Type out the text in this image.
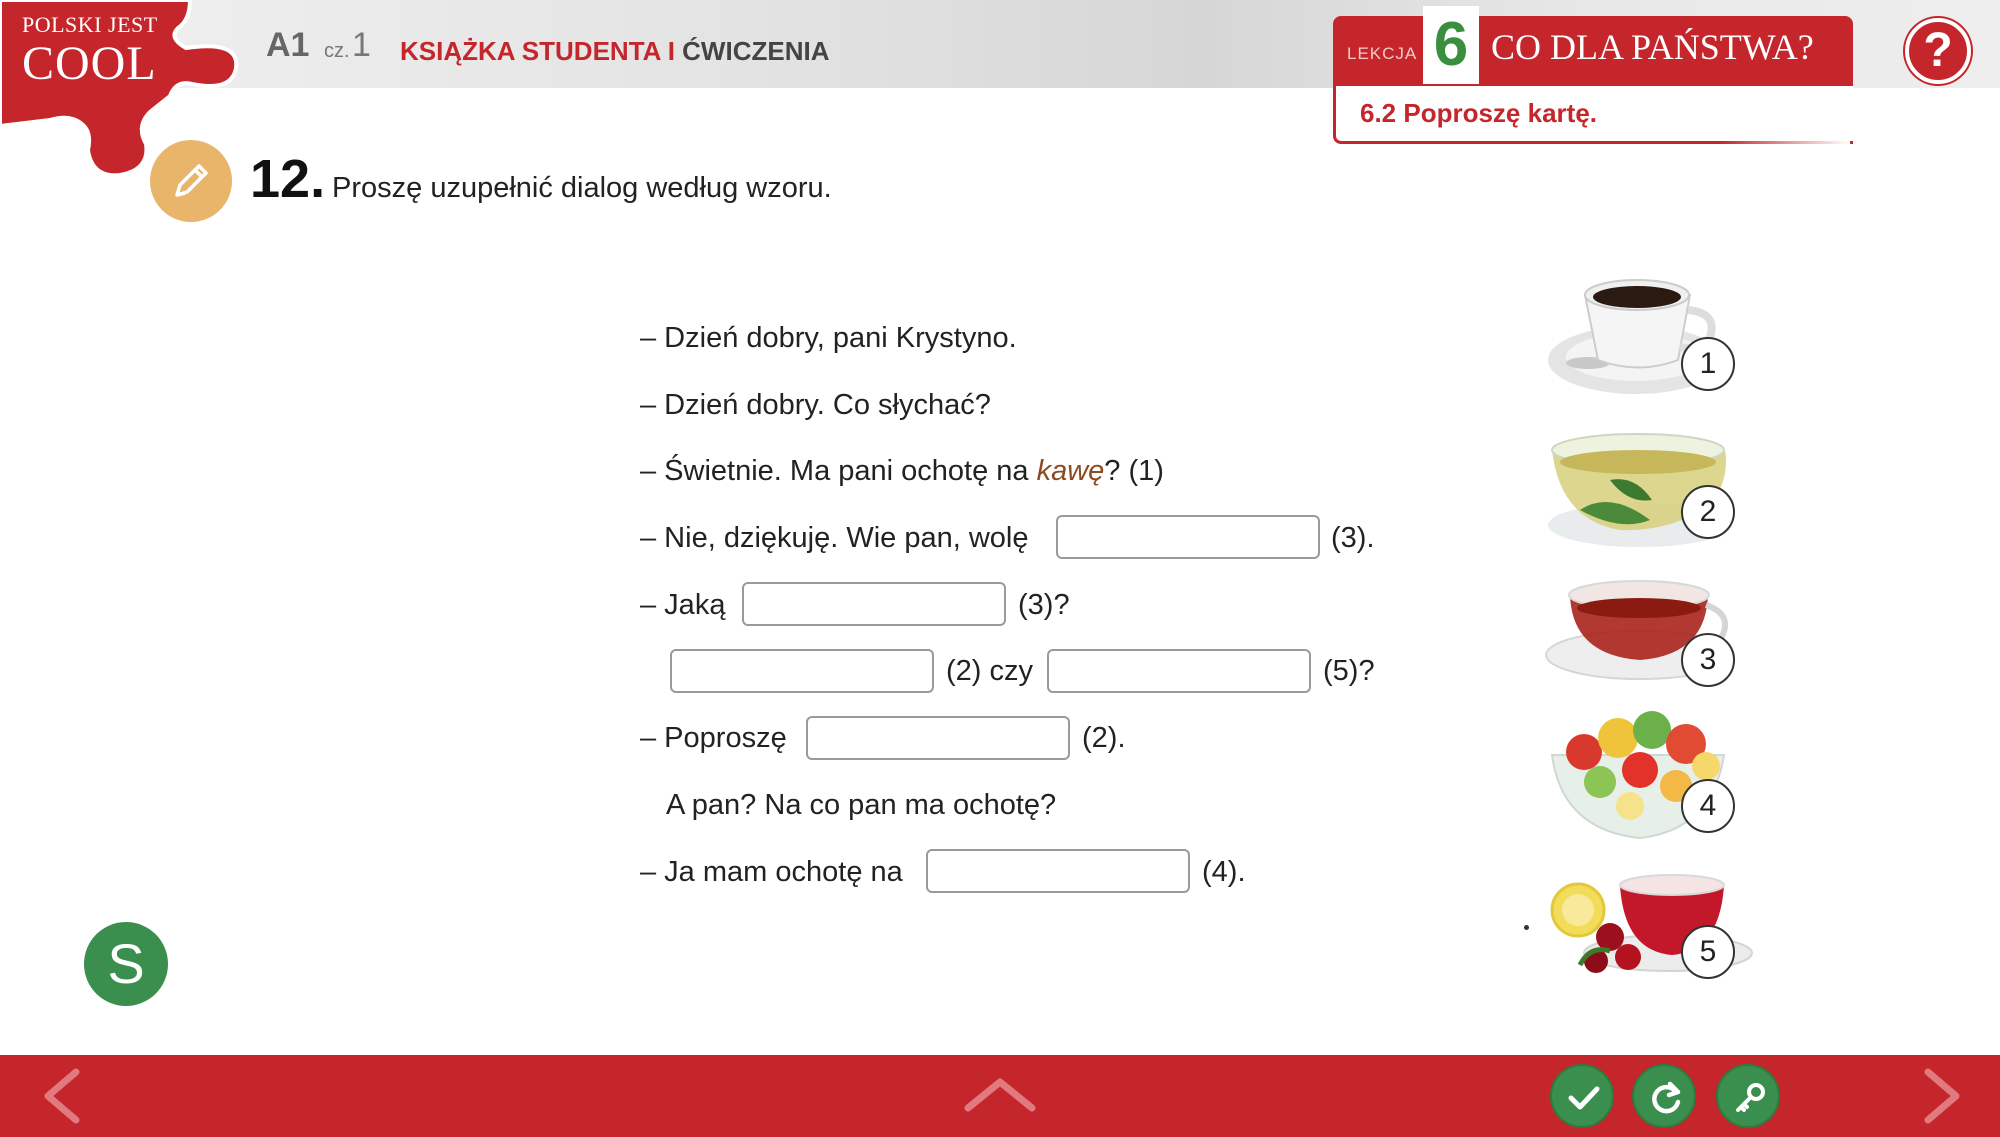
POLSKI JEST
COOL	A1 cz. 1 KSIĄŻKA STUDENTA I ĆWICZENIA	LEKCJA 6 CO DLA PAŃSTWA?
6.2 Poproszę kartę.
?
12. Proszę uzupełnić dialog według wzoru.
– Dzień dobry, pani Krystyno.
– Dzień dobry. Co słychać?
– Świetnie. Ma pani ochotę na kawę? (1)
– Nie, dziękuję. Wie pan, wolę	(3).
– Jaką	(3)?
(2) czy	(5)?
– Poproszę	(2).
A pan? Na co pan ma ochotę?
– Ja mam ochotę na	(4).
1
2
3
4
5
S
